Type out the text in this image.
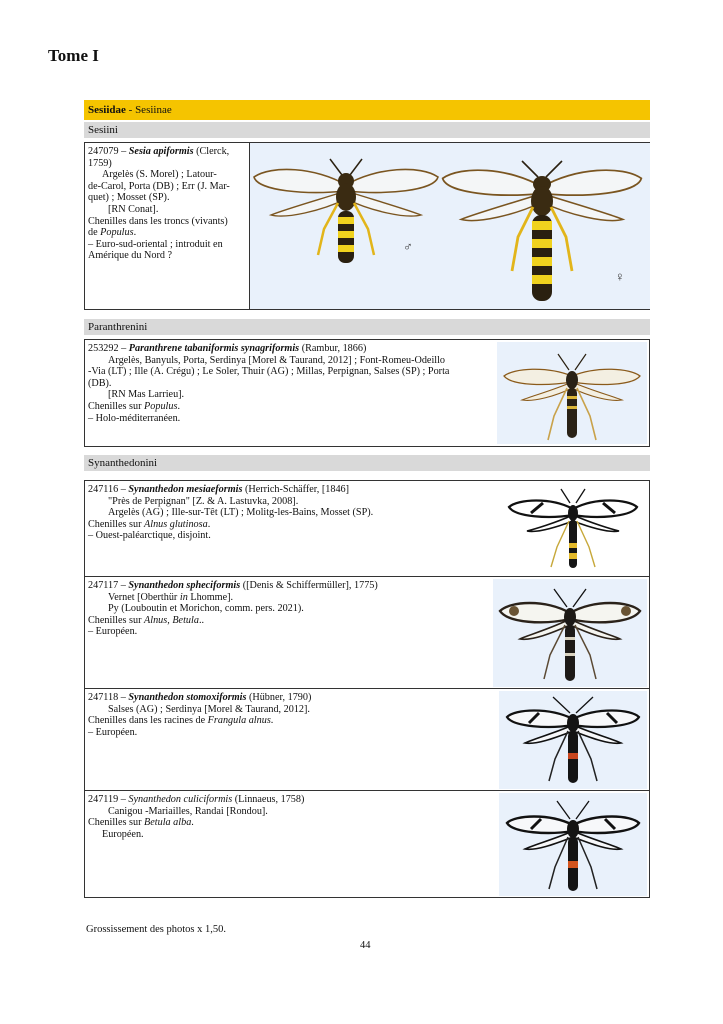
Tome I
Sesiidae - Sesiinae
Sesiini

247079 – Sesia apiformis (Clerck,

1759)

Argelès (S. Morel) ; Latour-

de-Carol, Porta (DB) ; Err (J. Mar-

quet) ; Mosset (SP).

[RN Conat].

Chenilles dans les troncs (vivants)

de Populus.

– Euro-sud-oriental ; introduit en

Amérique du Nord ?

♂
♀
Paranthrenini

253292 – Paranthrene tabaniformis synagriformis (Rambur, 1866)

Argelès, Banyuls, Porta, Serdinya [Morel & Taurand, 2012] ; Font-Romeu-Odeillo

-Via (LT) ; Ille (A. Crégu) ; Le Soler, Thuir (AG) ; Millas, Perpignan, Salses (SP) ; Porta

(DB).

[RN Mas Larrieu].

Chenilles sur Populus.

– Holo-méditerranéen.

Synanthedonini

247116 – Synanthedon mesiaeformis (Herrich-Schäffer, [1846]

"Près de Perpignan" [Z. & A. Lastuvka, 2008].

Argelès (AG) ; Ille-sur-Têt (LT) ; Molitg-les-Bains, Mosset (SP).

Chenilles sur Alnus glutinosa.

– Ouest-paléarctique, disjoint.

247117 – Synanthedon spheciformis ([Denis & Schiffermüller], 1775)

Vernet [Oberthür in Lhomme].

Py (Louboutin et Morichon, comm. pers. 2021).

Chenilles sur Alnus, Betula..

– Européen.

247118 – Synanthedon stomoxiformis (Hübner, 1790)

Salses (AG) ; Serdinya [Morel & Taurand, 2012].

Chenilles dans les racines de Frangula alnus.

– Européen.

247119 – Synanthedon culiciformis (Linnaeus, 1758)

Canigou -Mariailles, Randai [Rondou].

Chenilles sur Betula alba.

Européen.

Grossissement des photos x 1,50.
44
